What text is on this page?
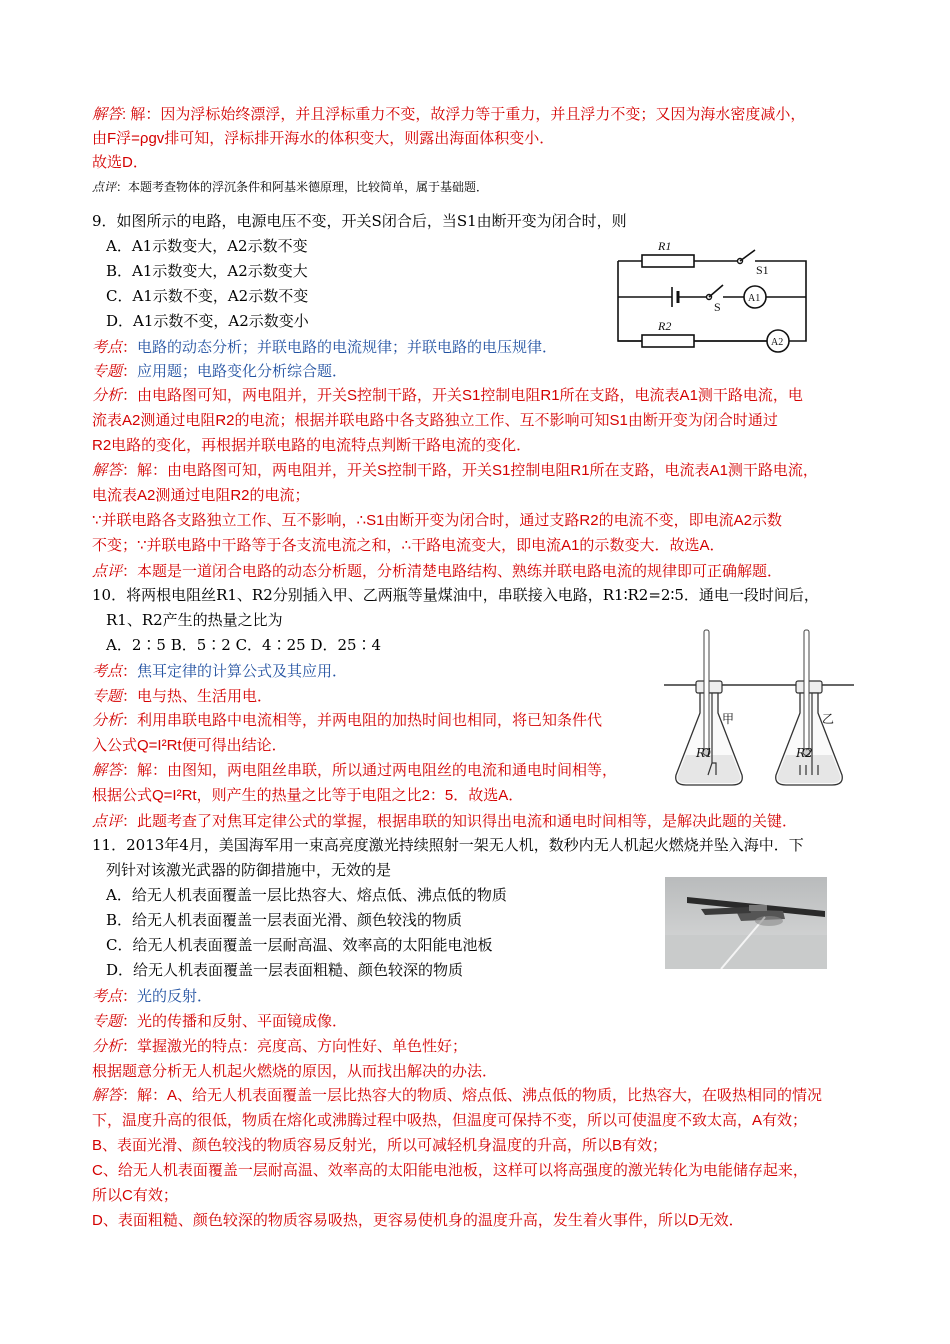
解答: 解：因为浮标始终漂浮，并且浮标重力不变，故浮力等于重力，并且浮力不变；又因为海水密度减小，
由F浮=ρgv排可知，浮标排开海水的体积变大，则露出海面体积变小．
故选D．
点评：本题考查物体的浮沉条件和阿基米德原理，比较简单，属于基础题．
9．如图所示的电路，电源电压不变，开关S闭合后，当S1由断开变为闭合时，则
A．A1示数变大，A2示数不变
B．A1示数变大，A2示数变大
C．A1示数不变，A2示数不变
D．A1示数不变，A2示数变小
考点：电路的动态分析；并联电路的电流规律；并联电路的电压规律．
专题：应用题；电路变化分析综合题．
分析：由电路图可知，两电阻并，开关S控制干路，开关S1控制电阻R1所在支路，电流表A1测干路电流，电
流表A2测通过电阻R2的电流；根据并联电路中各支路独立工作、互不影响可知S1由断开变为闭合时通过
R2电路的变化，再根据并联电路的电流特点判断干路电流的变化．
解答：解：由电路图可知，两电阻并，开关S控制干路，开关S1控制电阻R1所在支路，电流表A1测干路电流，
电流表A2测通过电阻R2的电流；
∵并联电路各支路独立工作、互不影响，∴S1由断开变为闭合时，通过支路R2的电流不变，即电流A2示数
不变；∵并联电路中干路等于各支流电流之和，∴干路电流变大，即电流A1的示数变大．故选A．
点评：本题是一道闭合电路的动态分析题，分析清楚电路结构、熟练并联电路电流的规律即可正确解题．
10．将两根电阻丝R1、R2分别插入甲、乙两瓶等量煤油中，串联接入电路，R1∶R2=2∶5．通电一段时间后，
R1、R2产生的热量之比为
A．2∶5 B．5∶2 C．4∶25 D．25∶4
考点：焦耳定律的计算公式及其应用．
专题：电与热、生活用电．
分析：利用串联电路中电流相等，并两电阻的加热时间也相同，将已知条件代
入公式Q=I²Rt便可得出结论．
解答：解：由图知，两电阻丝串联，所以通过两电阻丝的电流和通电时间相等，
根据公式Q=I²Rt，则产生的热量之比等于电阻之比2：5．故选A．
点评：此题考查了对焦耳定律公式的掌握，根据串联的知识得出电流和通电时间相等，是解决此题的关键．
11．2013年4月，美国海军用一束高亮度激光持续照射一架无人机，数秒内无人机起火燃烧并坠入海中．下
列针对该激光武器的防御措施中，无效的是
A．给无人机表面覆盖一层比热容大、熔点低、沸点低的物质
B．给无人机表面覆盖一层表面光滑、颜色较浅的物质
C．给无人机表面覆盖一层耐高温、效率高的太阳能电池板
D．给无人机表面覆盖一层表面粗糙、颜色较深的物质
考点：光的反射．
专题：光的传播和反射、平面镜成像．
分析：掌握激光的特点：亮度高、方向性好、单色性好；
根据题意分析无人机起火燃烧的原因，从而找出解决的办法．
解答：解：A、给无人机表面覆盖一层比热容大的物质、熔点低、沸点低的物质，比热容大，在吸热相同的情况
下，温度升高的很低，物质在熔化或沸腾过程中吸热，但温度可保持不变，所以可使温度不致太高，A有效；
B、表面光滑、颜色较浅的物质容易反射光，所以可减轻机身温度的升高，所以B有效；
C、给无人机表面覆盖一层耐高温、效率高的太阳能电池板，这样可以将高强度的激光转化为电能储存起来，
所以C有效；
D、表面粗糙、颜色较深的物质容易吸热，更容易使机身的温度升高，发生着火事件，所以D无效．
R1
R2
S1
S
A1
A2
甲	乙
R1	R2
